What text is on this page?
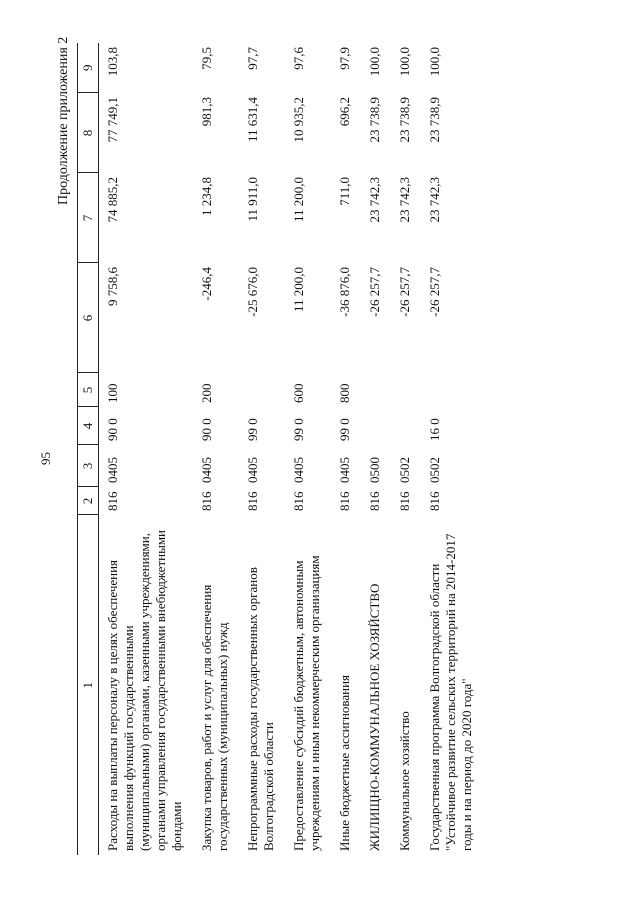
95
Продолжение приложения 2
1	2	3	4	5	6	7	8	9
Расходы на выплаты персоналу в целях обеспечения выполнения функций государственными (муниципальными) органами, казенными учреждениями, органами управления государственными внебюджетными фондами	816	0405	90 0	100	9 758,6	74 885,2	77 749,1	103,8
Закупка товаров, работ и услуг для обеспечения государственных (муниципальных) нужд	816	0405	90 0	200	-246,4	1 234,8	981,3	79,5
Непрограммные расходы государственных органов Волгоградской области	816	0405	99 0		-25 676,0	11 911,0	11 631,4	97,7
Предоставление субсидий бюджетным, автономным учреждениям и иным некоммерческим организациям	816	0405	99 0	600	11 200,0	11 200,0	10 935,2	97,6
Иные бюджетные ассигнования	816	0405	99 0	800	-36 876,0	711,0	696,2	97,9
ЖИЛИЩНО-КОММУНАЛЬНОЕ ХОЗЯЙСТВО	816	0500			-26 257,7	23 742,3	23 738,9	100,0
Коммунальное хозяйство	816	0502			-26 257,7	23 742,3	23 738,9	100,0
Государственная программа Волгоградской области "Устойчивое развитие сельских территорий на 2014-2017 годы и на период до 2020 года"	816	0502	16 0		-26 257,7	23 742,3	23 738,9	100,0
